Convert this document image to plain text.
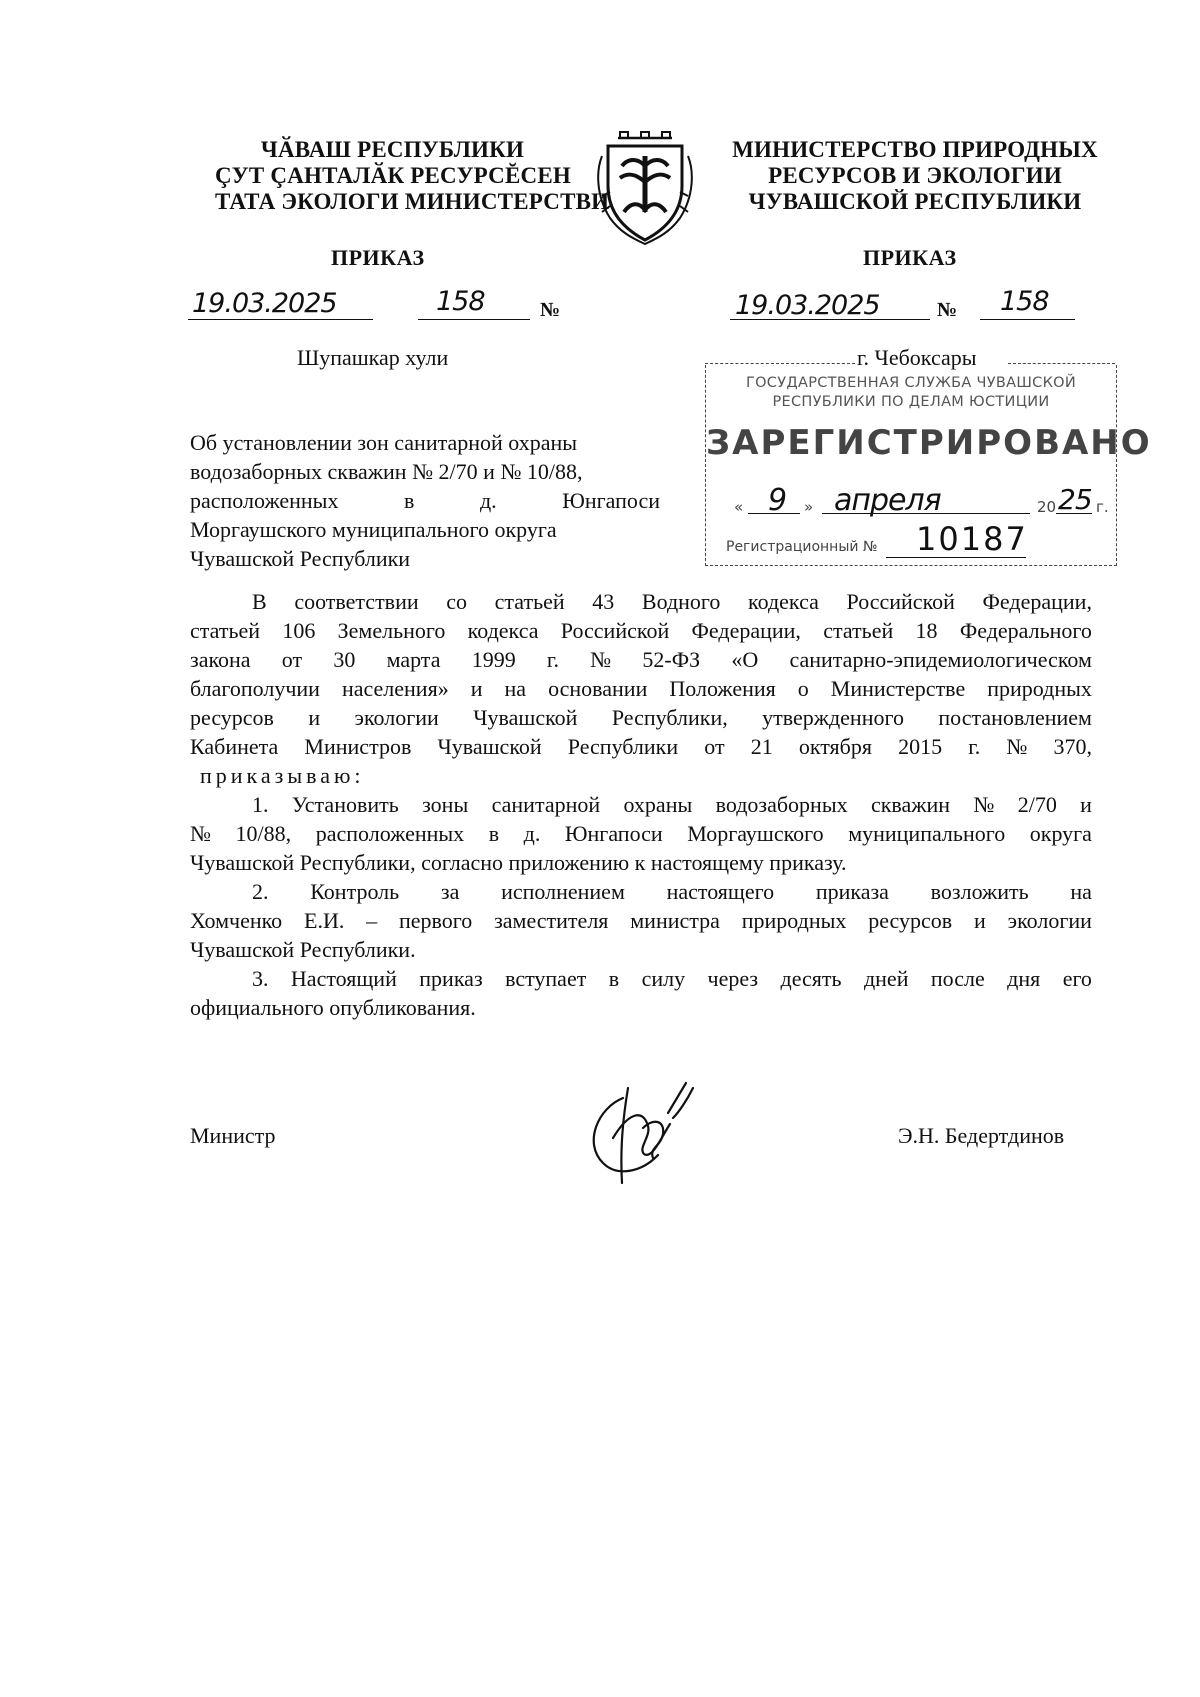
ЧӐВАШ РЕСПУБЛИКИ
ÇУТ ÇАНТАЛӐК РЕСУРСĔСЕН
ТАТА ЭКОЛОГИ МИНИСТЕРСТВИ
МИНИСТЕРСТВО ПРИРОДНЫХ
РЕСУРСОВ И ЭКОЛОГИИ
ЧУВАШСКОЙ РЕСПУБЛИКИ
ПРИКАЗ	ПРИКАЗ
19.03.2025	158	№	19.03.2025	№ 158
Шупашкар хули	г. Чебоксары
ГОСУДАРСТВЕННАЯ СЛУЖБА ЧУВАШСКОЙ
РЕСПУБЛИКИ ПО ДЕЛАМ ЮСТИЦИИ
ЗАРЕГИСТРИРОВАНО
« 9 » апреля	20 25 г.
Регистрационный № 10187
Об установлении зон санитарной охраны
водозаборных скважин № 2/70 и № 10/88,
расположенных	в	д.	Юнгапоси
Моргаушского муниципального округа
Чувашской Республики
В соответствии со статьей 43 Водного кодекса Российской Федерации,
статьей 106 Земельного кодекса Российской Федерации, статьей 18 Федерального
закона от 30 марта 1999 г. № 52-ФЗ «О санитарно-эпидемиологическом
благополучии населения» и на основании Положения о Министерстве природных
ресурсов и экологии Чувашской Республики, утвержденного постановлением
Кабинета Министров Чувашской Республики от 21 октября 2015 г. № 370,
приказываю:
1. Установить зоны санитарной охраны водозаборных скважин № 2/70 и
№ 10/88, расположенных в д. Юнгапоси Моргаушского муниципального округа
Чувашской Республики, согласно приложению к настоящему приказу.
2. Контроль за исполнением настоящего приказа возложить на
Хомченко Е.И. – первого заместителя министра природных ресурсов и экологии
Чувашской Республики.
3. Настоящий приказ вступает в силу через десять дней после дня его
официального опубликования.
Министр	Э.Н. Бедертдинов
